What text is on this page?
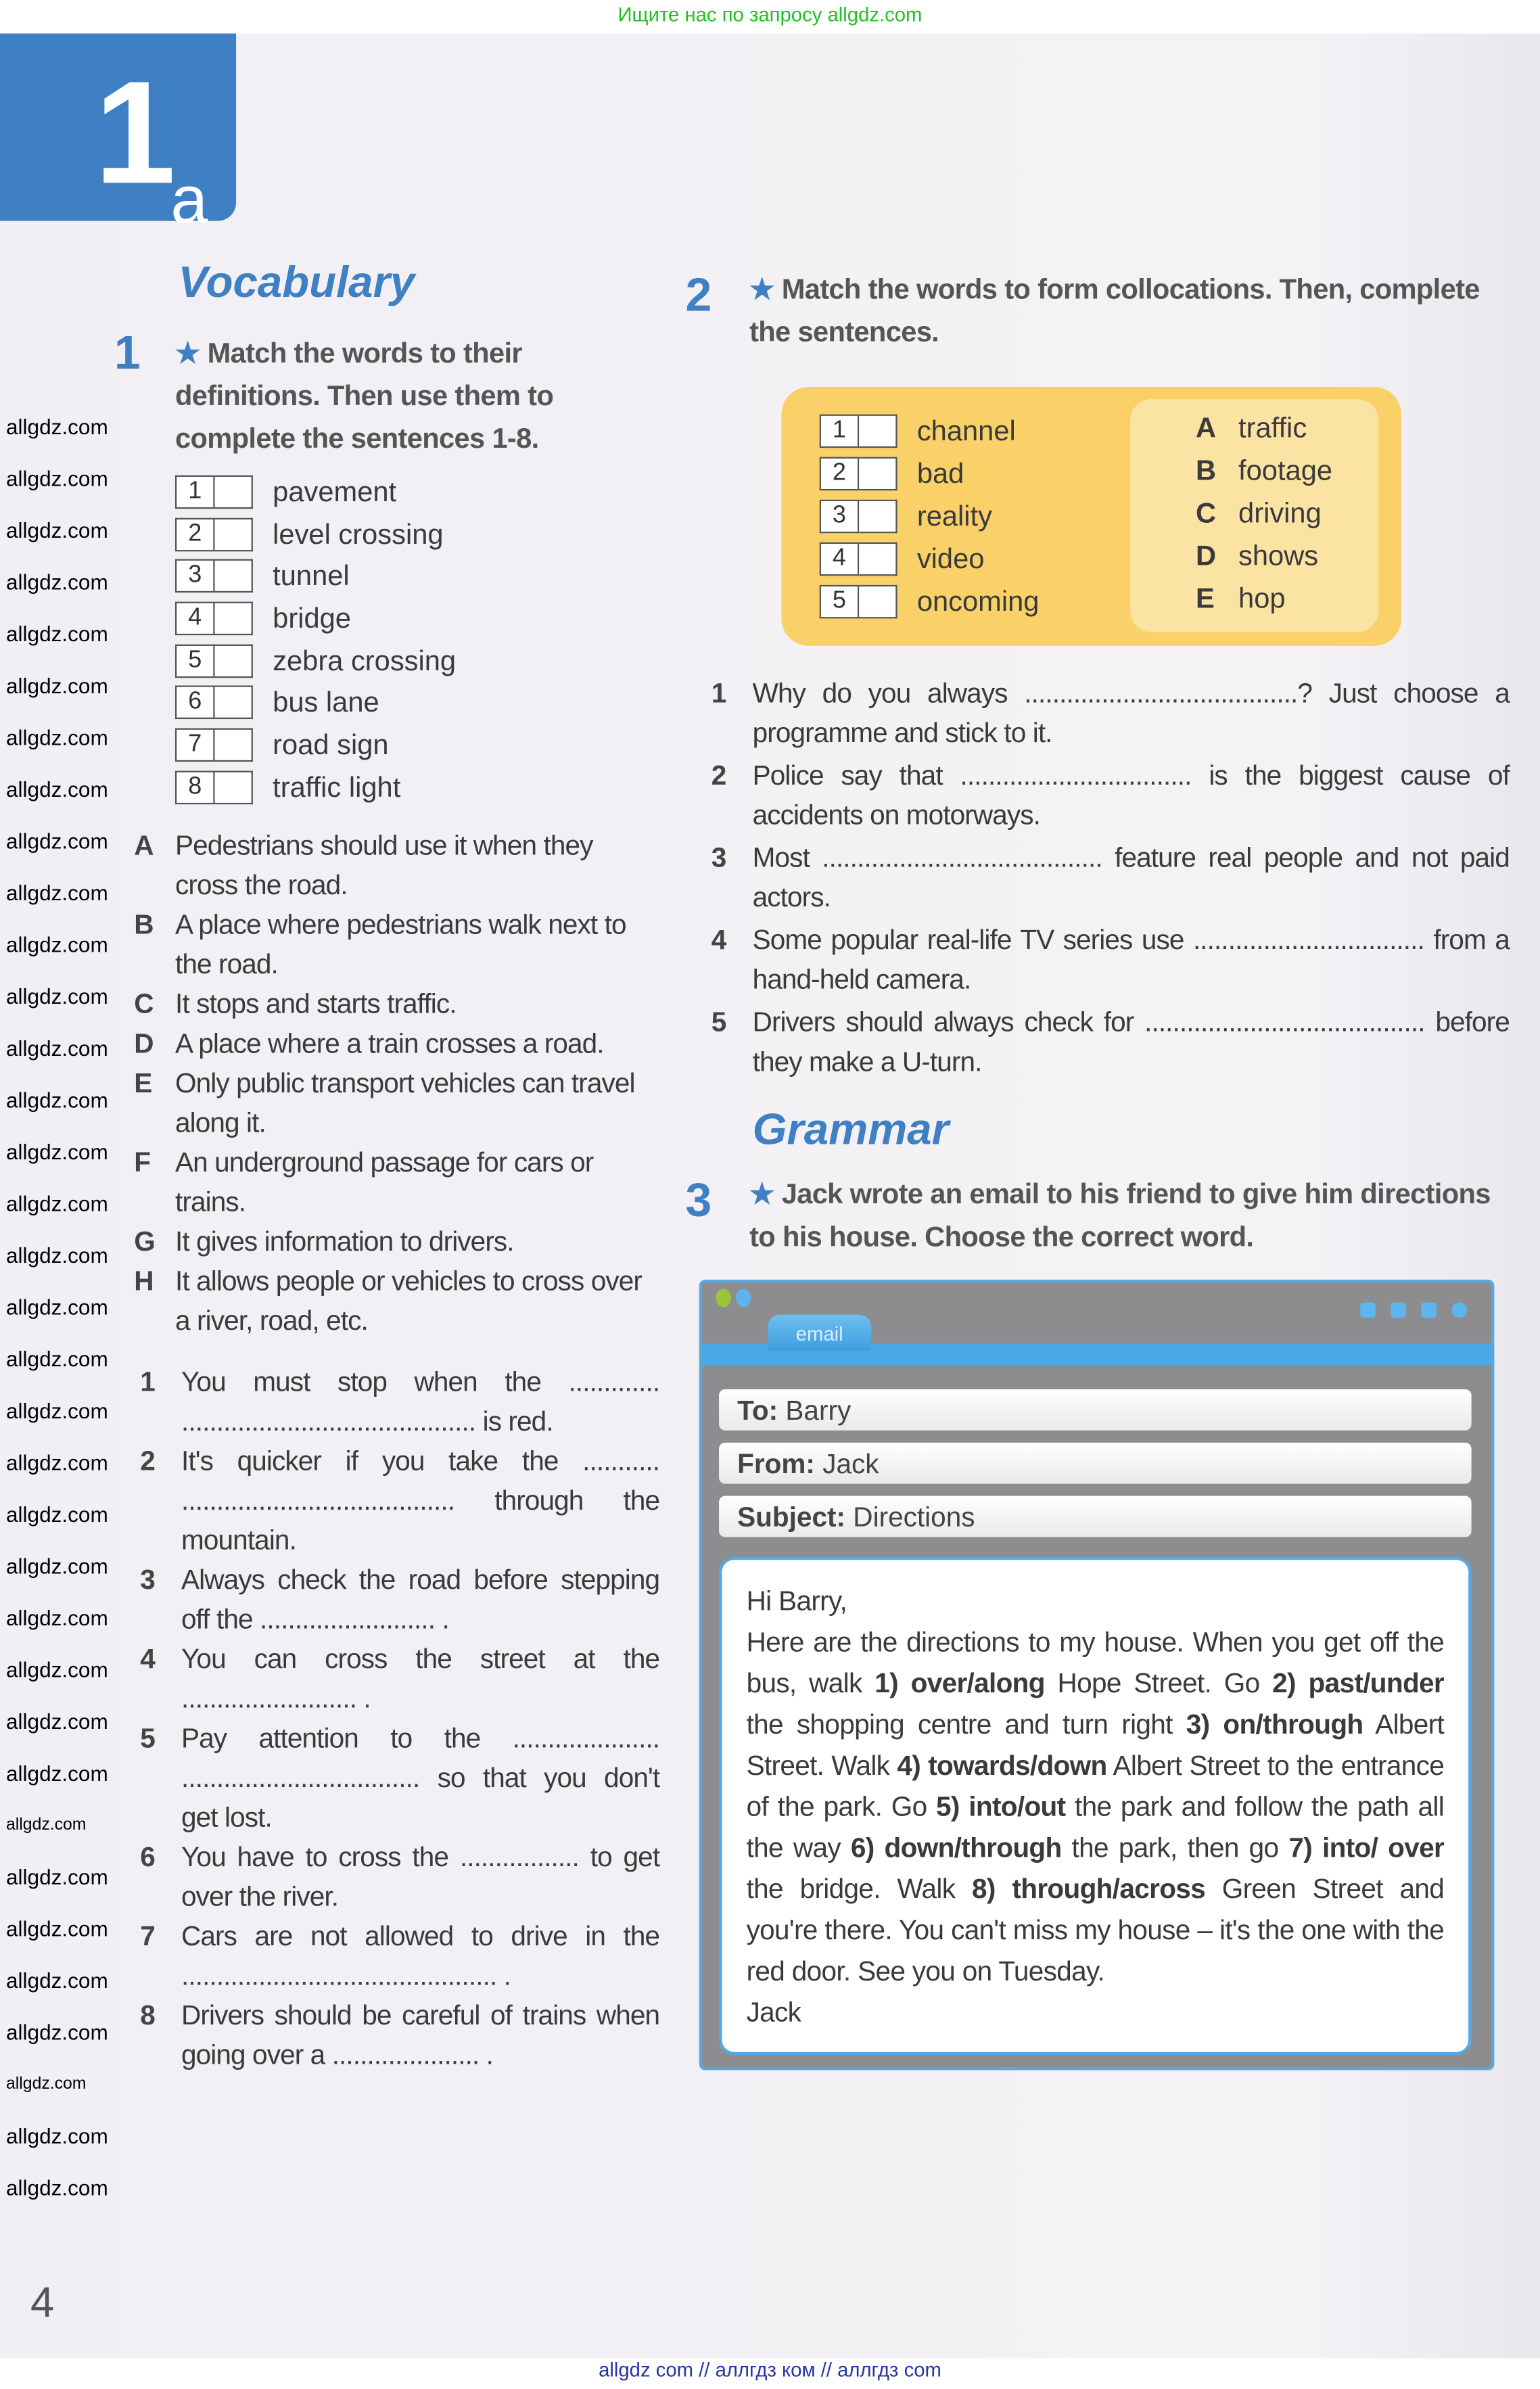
Ищите нас по запросу allgdz.com
1
a
Vocabulary
1	★ Match the words to their definitions. Then use them to complete the sentences 1-8.
1	pavement
2	level crossing
3	tunnel
4	bridge
5	zebra crossing
6	bus lane
7	road sign
8	traffic light
A	Pedestrians should use it when they cross the road.
B	A place where pedestrians walk next to the road.
C	It stops and starts traffic.
D	A place where a train crosses a road.
E	Only public transport vehicles can travel along it.
F	An underground passage for cars or trains.
G	It gives information to drivers.
H	It allows people or vehicles to cross over a river, road, etc.
1	You must stop when the ............. .......................................... is red.
2	It's quicker if you take the ........... ....................................... through the mountain.
3	Always check the road before stepping off the ......................... .
4	You can cross the street at the ......................... .
5	Pay attention to the ..................... .................................. so that you don't get lost.
6	You have to cross the ................. to get over the river.
7	Cars are not allowed to drive in the ............................................. .
8	Drivers should be careful of trains when going over a ..................... .
2	★ Match the words to form collocations. Then, complete the sentences.
1	channel
2	bad
3	reality
4	video
5	oncoming
A	traffic
B	footage
C	driving
D	shows
E	hop
1	Why do you always .......................................? Just choose a programme and stick to it.
2	Police say that ................................. is the biggest cause of accidents on motorways.
3	Most ........................................ feature real people and not paid actors.
4	Some popular real-life TV series use ................................. from a hand-held camera.
5	Drivers should always check for ........................................ before they make a U-turn.
Grammar
3	★ Jack wrote an email to his friend to give him directions to his house. Choose the correct word.
email
To: Barry
From: Jack
Subject: Directions
Hi Barry,
Here are the directions to my house. When you get off the bus, walk 1) over/along Hope Street. Go 2) past/under the shopping centre and turn right 3) on/through Albert Street. Walk 4) towards/down Albert Street to the entrance of the park. Go 5) into/out the park and follow the path all the way 6) down/through the park, then go 7) into/ over the bridge. Walk 8) through/across Green Street and you're there. You can't miss my house – it's the one with the red door. See you on Tuesday.
Jack
4
allgdz com // аллгдз ком // аллгдз com
allgdz.com
allgdz.com
allgdz.com
allgdz.com
allgdz.com
allgdz.com
allgdz.com
allgdz.com
allgdz.com
allgdz.com
allgdz.com
allgdz.com
allgdz.com
allgdz.com
allgdz.com
allgdz.com
allgdz.com
allgdz.com
allgdz.com
allgdz.com
allgdz.com
allgdz.com
allgdz.com
allgdz.com
allgdz.com
allgdz.com
allgdz.com
allgdz.com
allgdz.com
allgdz.com
allgdz.com
allgdz.com
allgdz.com
allgdz.com
allgdz.com
